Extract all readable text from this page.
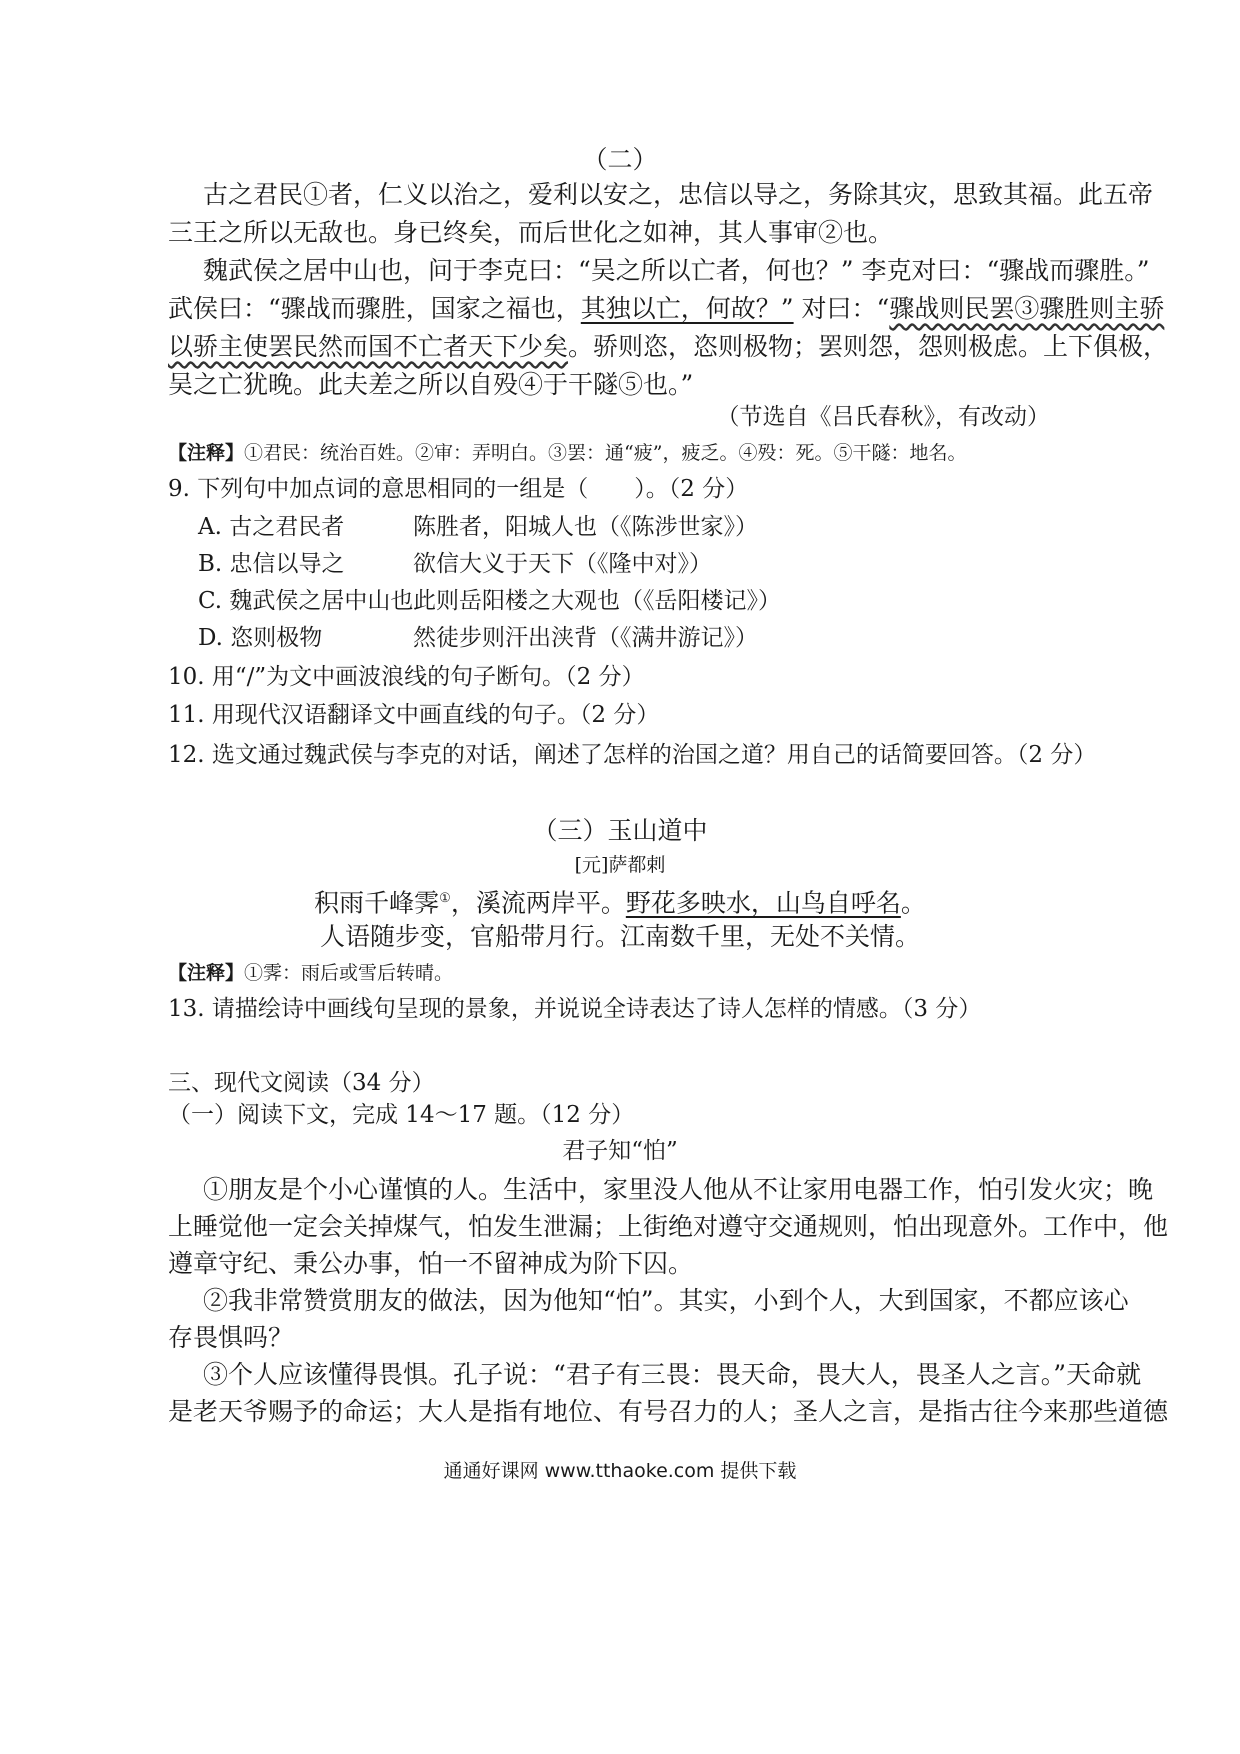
（二）
古之君民①者，仁义以治之，爱利以安之，忠信以导之，务除其灾，思致其福。此五帝
三王之所以无敌也。身已终矣，而后世化之如神，其人事审②也。
魏武侯之居中山也，问于李克曰：“吴之所以亡者，何也？” 李克对曰：“骤战而骤胜。”
武侯曰：“骤战而骤胜，国家之福也，其独以亡，何故？” 对曰：“骤战则民罢③骤胜则主骄
以骄主使罢民然而国不亡者天下少矣。骄则恣，恣则极物；罢则怨，怨则极虑。上下俱极，
吴之亡犹晚。此夫差之所以自殁④于干隧⑤也。”
（节选自《吕氏春秋》，有改动）
【注释】①君民：统治百姓。②审：弄明白。③罢：通“疲”，疲乏。④殁：死。⑤干隧：地名。
9. 下列句中加点词的意思相同的一组是（　　）。（2 分）
A. 古之君民者	陈胜者，阳城人也（《陈涉世家》）
B. 忠信以导之	欲信大义于天下（《隆中对》）
C. 魏武侯之居中山也 此则岳阳楼之大观也（《岳阳楼记》）
D. 恣则极物	然徒步则汗出浃背（《满井游记》）
10. 用“/”为文中画波浪线的句子断句。（2 分）
11. 用现代汉语翻译文中画直线的句子。（2 分）
12. 选文通过魏武侯与李克的对话，阐述了怎样的治国之道？用自己的话简要回答。（2 分）
（三）玉山道中
[元]萨都剌
积雨千峰霁①，溪流两岸平。野花多映水，山鸟自呼名。
人语随步变，官船带月行。江南数千里，无处不关情。
【注释】①霁：雨后或雪后转晴。
13. 请描绘诗中画线句呈现的景象，并说说全诗表达了诗人怎样的情感。（3 分）
三、现代文阅读（34 分）
（一）阅读下文，完成 14～17 题。（12 分）
君子知“怕”
①朋友是个小心谨慎的人。生活中，家里没人他从不让家用电器工作，怕引发火灾；晚
上睡觉他一定会关掉煤气，怕发生泄漏；上街绝对遵守交通规则，怕出现意外。工作中，他
遵章守纪、秉公办事，怕一不留神成为阶下囚。
②我非常赞赏朋友的做法，因为他知“怕”。其实，小到个人，大到国家，不都应该心
存畏惧吗？
③个人应该懂得畏惧。孔子说：“君子有三畏：畏天命，畏大人，畏圣人之言。”天命就
是老天爷赐予的命运；大人是指有地位、有号召力的人；圣人之言，是指古往今来那些道德
通通好课网 www.tthaoke.com 提供下载
